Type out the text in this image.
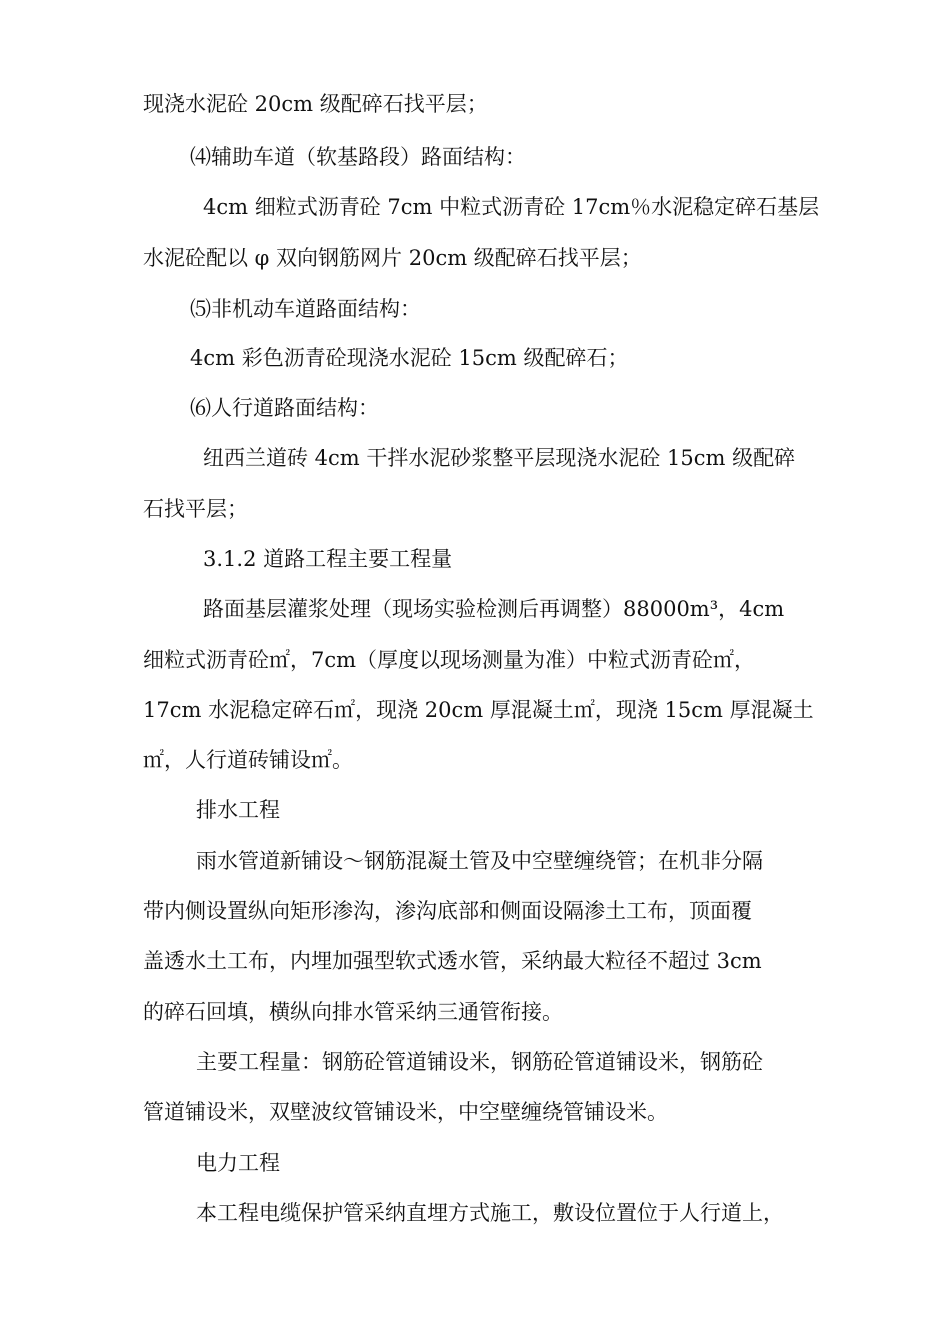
现浇水泥砼 20cm 级配碎石找平层；
⑷辅助车道（软基路段）路面结构：
4cm 细粒式沥青砼 7cm 中粒式沥青砼 17cm％水泥稳定碎石基层
水泥砼配以 φ 双向钢筋网片 20cm 级配碎石找平层；
⑸非机动车道路面结构：
4cm 彩色沥青砼现浇水泥砼 15cm 级配碎石；
⑹人行道路面结构：
纽西兰道砖 4cm 干拌水泥砂浆整平层现浇水泥砼 15cm 级配碎
石找平层；
3.1.2 道路工程主要工程量
路面基层灌浆处理（现场实验检测后再调整）88000m³，4cm
细粒式沥青砼㎡，7cm（厚度以现场测量为准）中粒式沥青砼㎡，
17cm 水泥稳定碎石㎡，现浇 20cm 厚混凝土㎡，现浇 15cm 厚混凝土
㎡，人行道砖铺设㎡。
排水工程
雨水管道新铺设～钢筋混凝土管及中空壁缠绕管；在机非分隔
带内侧设置纵向矩形渗沟，渗沟底部和侧面设隔渗土工布，顶面覆
盖透水土工布，内埋加强型软式透水管，采纳最大粒径不超过 3cm
的碎石回填，横纵向排水管采纳三通管衔接。
主要工程量：钢筋砼管道铺设米，钢筋砼管道铺设米，钢筋砼
管道铺设米，双壁波纹管铺设米，中空壁缠绕管铺设米。
电力工程
本工程电缆保护管采纳直埋方式施工，敷设位置位于人行道上，
